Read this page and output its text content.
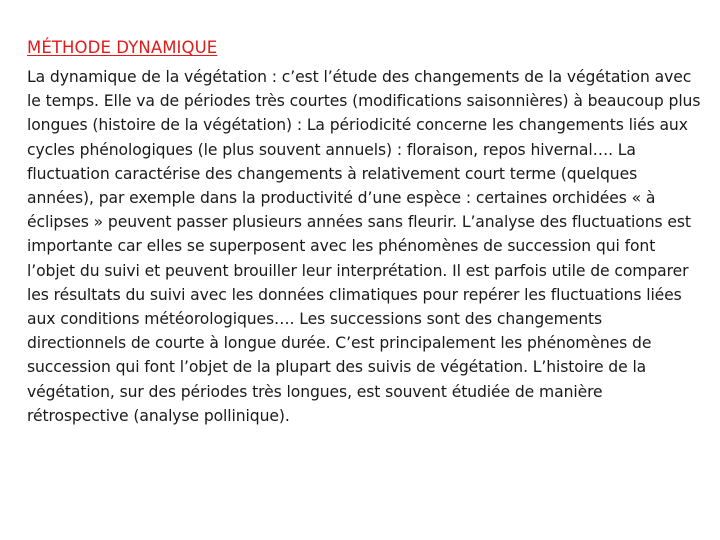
MÉTHODE DYNAMIQUE

La dynamique de la végétation : c’est l’étude des changements de la végétation avec le temps. Elle va de périodes très courtes (modifications saisonnières) à beaucoup plus longues (histoire de la végétation) : La périodicité concerne les changements liés aux cycles phénologiques (le plus souvent annuels) : floraison, repos hivernal…. La fluctuation caractérise des changements à relativement court terme (quelques années), par exemple dans la productivité d’une espèce : certaines orchidées « à éclipses » peuvent passer plusieurs années sans fleurir. L’analyse des fluctuations est importante car elles se superposent avec les phénomènes de succession qui font l’objet du suivi et peuvent brouiller leur interprétation. Il est parfois utile de comparer les résultats du suivi avec les données climatiques pour repérer les fluctuations liées aux conditions météorologiques…. Les successions sont des changements directionnels de courte à longue durée. C’est principalement les phénomènes de succession qui font l’objet de la plupart des suivis de végétation. L’histoire de la végétation, sur des périodes très longues, est souvent étudiée de manière rétrospective (analyse pollinique).
